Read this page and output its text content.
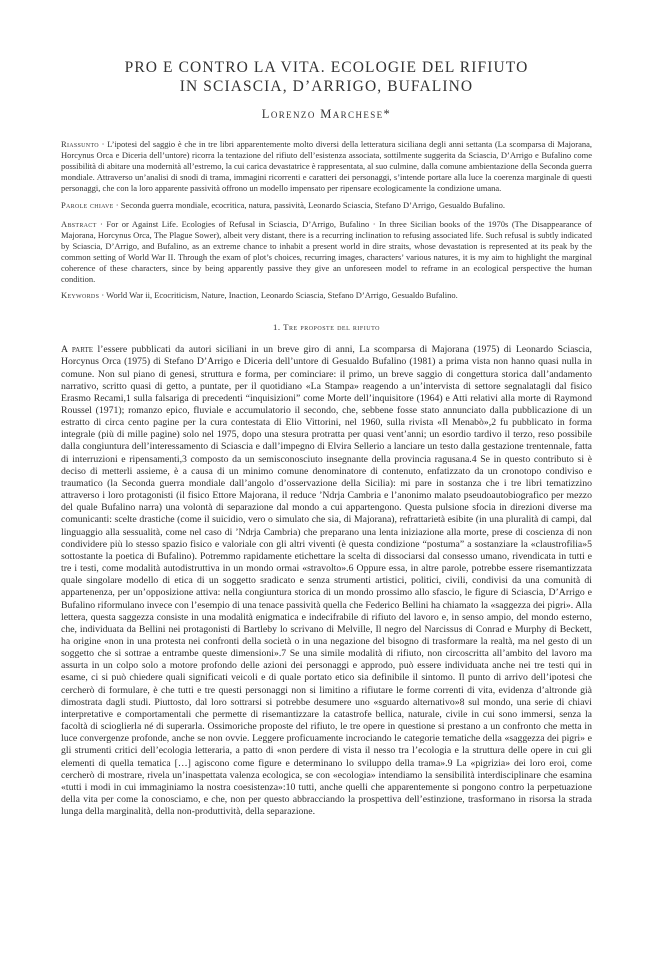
PRO E CONTRO LA VITA. ECOLOGIE DEL RIFIUTO
IN SCIASCIA, D’ARRIGO, BUFALINO
Lorenzo Marchese*

Riassunto · L’ipotesi del saggio è che in tre libri apparentemente molto diversi della letteratura siciliana degli anni settanta (La scomparsa di Majorana, Horcynus Orca e Diceria dell’untore) ricorra la tentazione del rifiuto dell’esistenza associata, sottilmente suggerita da Sciascia, D’Arrigo e Bufalino come possibilità di abitare una modernità all’estremo, la cui carica devastatrice è rappresentata, al suo culmine, dalla comune ambientazione della Seconda guerra mondiale. Attraverso un’analisi di snodi di trama, immagini ricorrenti e caratteri dei personaggi, s’intende portare alla luce la coerenza marginale di questi personaggi, che con la loro apparente passività offrono un modello impensato per ripensare ecologicamente la condizione umana.

Parole chiave · Seconda guerra mondiale, ecocritica, natura, passività, Leonardo Sciascia, Stefano D’Arrigo, Gesualdo Bufalino.

Abstract · For or Against Life. Ecologies of Refusal in Sciascia, D’Arrigo, Bufalino · In three Sicilian books of the 1970s (The Disappearance of Majorana, Horcynus Orca, The Plague Sower), albeit very distant, there is a recurring inclination to refusing associated life. Such refusal is subtly indicated by Sciascia, D’Arrigo, and Bufalino, as an extreme chance to inhabit a present world in dire straits, whose devastation is represented at its peak by the common setting of World War II. Through the exam of plot’s choices, recurring images, characters’ various natures, it is my aim to highlight the marginal coherence of these characters, since by being apparently passive they give an unforeseen model to reframe in an ecological perspective the human condition.

Keywords · World War ii, Ecocriticism, Nature, Inaction, Leonardo Sciascia, Stefano D’Arrigo, Gesualdo Bufalino.

1. Tre proposte del rifiuto

A parte l’essere pubblicati da autori siciliani in un breve giro di anni, La scomparsa di Majorana (1975) di Leonardo Sciascia, Horcynus Orca (1975) di Stefano D’Arrigo e Diceria dell’untore di Gesualdo Bufalino (1981) a prima vista non hanno quasi nulla in comune. Non sul piano di genesi, struttura e forma, per cominciare: il primo, un breve saggio di congettura storica dall’andamento narrativo, scritto quasi di getto, a puntate, per il quotidiano «La Stampa» reagendo a un’intervista di settore segnalatagli dal fisico Erasmo Recami,1 sulla falsariga di precedenti “inquisizioni” come Morte dell’inquisitore (1964) e Atti relativi alla morte di Raymond Roussel (1971); romanzo epico, fluviale e accumulatorio il secondo, che, sebbene fosse stato annunciato dalla pubblicazione di un estratto di circa cento pagine per la cura contestata di Elio Vittorini, nel 1960, sulla rivista «Il Menabò»,2 fu pubblicato in forma integrale (più di mille pagine) solo nel 1975, dopo una stesura protratta per quasi vent’anni; un esordio tardivo il terzo, reso possibile dalla congiuntura dell’interessamento di Sciascia e dall’impegno di Elvira Sellerio a lanciare un testo dalla gestazione trentennale, fatta di interruzioni e ripensamenti,3 composto da un semisconosciuto insegnante della provincia ragusana.4 Se in questo contributo si è deciso di metterli assieme, è a causa di un minimo comune denominatore di contenuto, enfatizzato da un cronotopo condiviso e traumatico (la Seconda guerra mondiale dall’angolo d’osservazione della Sicilia): mi pare in sostanza che i tre libri tematizzino attraverso i loro protagonisti (il fisico Ettore Majorana, il reduce ’Ndrja Cambria e l’anonimo malato pseudoautobiografico per mezzo del quale Bufalino narra) una volontà di separazione dal mondo a cui appartengono. Questa pulsione sfocia in direzioni diverse ma comunicanti: scelte drastiche (come il suicidio, vero o simulato che sia, di Majorana), refrattarietà esibite (in una pluralità di campi, dal linguaggio alla sessualità, come nel caso di ’Ndrja Cambria) che preparano una lenta iniziazione alla morte, prese di coscienza di non condividere più lo stesso spazio fisico e valoriale con gli altri viventi (è questa condizione “postuma” a sostanziare la «claustrofilia»5 sottostante la poetica di Bufalino). Potremmo rapidamente etichettare la scelta di dissociarsi dal consesso umano, rivendicata in tutti e tre i testi, come modalità autodistruttiva in un mondo ormai «stravolto».6 Oppure essa, in altre parole, potrebbe essere risemantizzata quale singolare modello di etica di un soggetto sradicato e senza strumenti artistici, politici, civili, condivisi da una comunità di appartenenza, per un’opposizione attiva: nella congiuntura storica di un mondo prossimo allo sfascio, le figure di Sciascia, D’Arrigo e Bufalino riformulano invece con l’esempio di una tenace passività quella che Federico Bellini ha chiamato la «saggezza dei pigri». Alla lettera, questa saggezza consiste in una modalità enigmatica e indecifrabile di rifiuto del lavoro e, in senso ampio, del mondo esterno, che, individuata da Bellini nei protagonisti di Bartleby lo scrivano di Melville, Il negro del Narcissus di Conrad e Murphy di Beckett, ha origine «non in una protesta nei confronti della società o in una negazione del bisogno di trasformare la realtà, ma nel gesto di un soggetto che si sottrae a entrambe queste dimensioni».7 Se una simile modalità di rifiuto, non circoscritta all’ambito del lavoro ma assurta in un colpo solo a motore profondo delle azioni dei personaggi e approdo, può essere individuata anche nei tre testi qui in esame, ci si può chiedere quali significati veicoli e di quale portato etico sia definibile il sintomo. Il punto di arrivo dell’ipotesi che cercherò di formulare, è che tutti e tre questi personaggi non si limitino a rifiutare le forme correnti di vita, evidenza d’altronde già dimostrata dagli studi. Piuttosto, dal loro sottrarsi si potrebbe desumere uno «sguardo alternativo»8 sul mondo, una serie di chiavi interpretative e comportamentali che permette di risemantizzare la catastrofe bellica, naturale, civile in cui sono immersi, senza la facoltà di scioglierla né di superarla. Ossimoriche proposte del rifiuto, le tre opere in questione si prestano a un confronto che metta in luce convergenze profonde, anche se non ovvie. Leggere proficuamente incrociando le categorie tematiche della «saggezza dei pigri» e gli strumenti critici dell’ecologia letteraria, a patto di «non perdere di vista il nesso tra l’ecologia e la struttura delle opere in cui gli elementi di quella tematica […] agiscono come figure e determinano lo sviluppo della trama».9 La «pigrizia» dei loro eroi, come cercherò di mostrare, rivela un’inaspettata valenza ecologica, se con «ecologia» intendiamo la sensibilità interdisciplinare che esamina «tutti i modi in cui immaginiamo la nostra coesistenza»:10 tutti, anche quelli che apparentemente si pongono contro la perpetuazione della vita per come la conosciamo, e che, non per questo abbracciando la prospettiva dell’estinzione, trasformano in risorsa la strada lunga della marginalità, della non-produttività, della separazione.
